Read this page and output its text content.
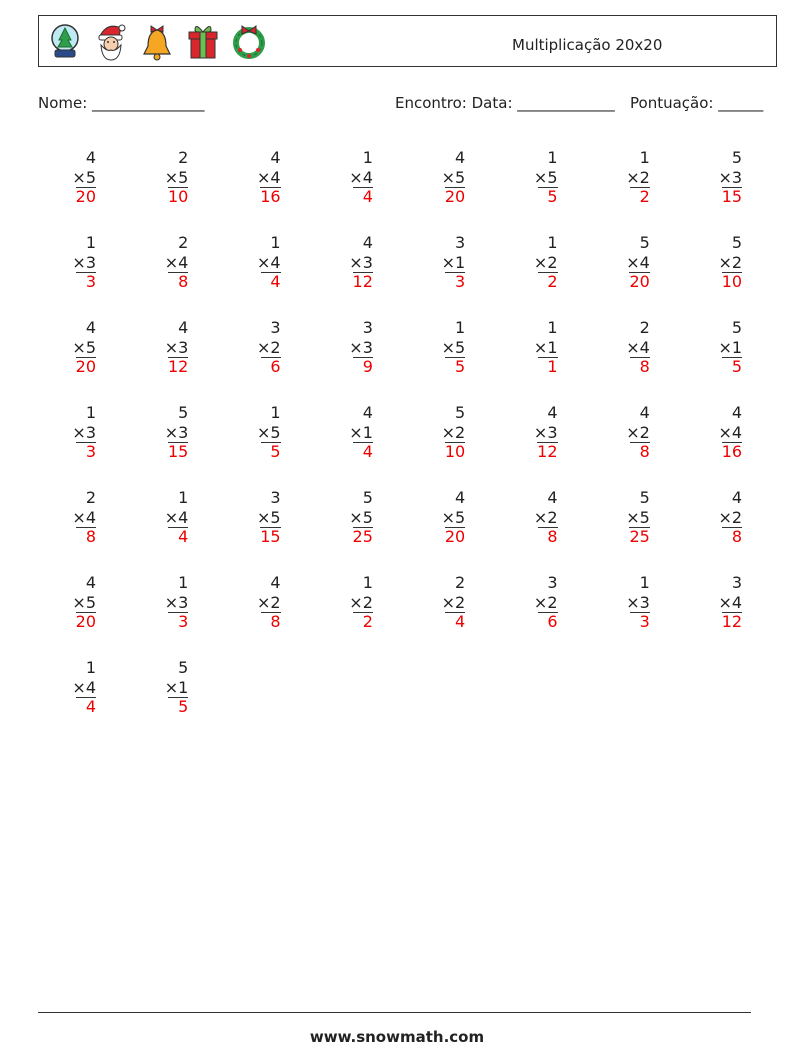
Multiplicação 20x20
Nome: _______________	Encontro: Data: _____________ Pontuação: ______
4
×5
20
2
×5
10
4
×4
16
1
×4
4
4
×5
20
1
×5
5
1
×2
2
5
×3
15
1
×3
3
2
×4
8
1
×4
4
4
×3
12
3
×1
3
1
×2
2
5
×4
20
5
×2
10
4
×5
20
4
×3
12
3
×2
6
3
×3
9
1
×5
5
1
×1
1
2
×4
8
5
×1
5
1
×3
3
5
×3
15
1
×5
5
4
×1
4
5
×2
10
4
×3
12
4
×2
8
4
×4
16
2
×4
8
1
×4
4
3
×5
15
5
×5
25
4
×5
20
4
×2
8
5
×5
25
4
×2
8
4
×5
20
1
×3
3
4
×2
8
1
×2
2
2
×2
4
3
×2
6
1
×3
3
3
×4
12
1
×4
4
5
×1
5
www.snowmath.com
